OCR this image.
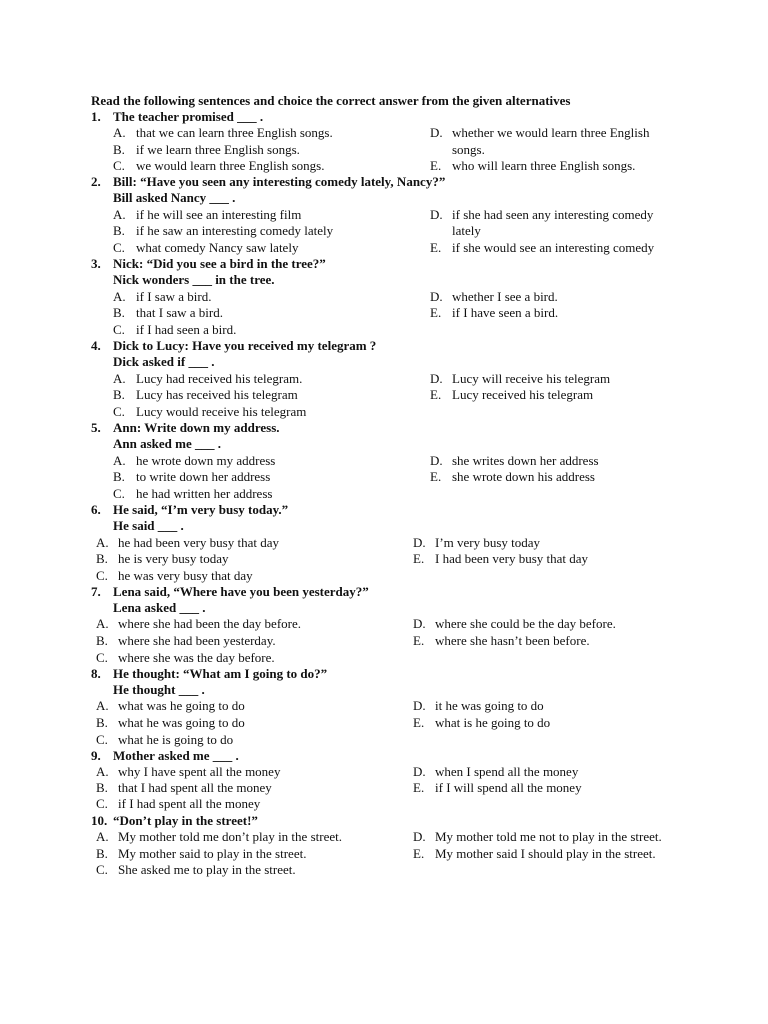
Read the following sentences and choice the correct answer from the given alternatives
1. The teacher promised ___ .
A. that we can learn three English songs.
B. if we learn three English songs.
C. we would learn three English songs.
D. whether we would learn three English
songs.
E. who will learn three English songs.
2. Bill: “Have you seen any interesting comedy lately, Nancy?”
Bill asked Nancy ___ .
A. if he will see an interesting film
B. if he saw an interesting comedy lately
C. what comedy Nancy saw lately
D. if she had seen any interesting comedy
lately
E. if she would see an interesting comedy
3. Nick: “Did you see a bird in the tree?”
Nick wonders ___ in the tree.
A. if I saw a bird.
B. that I saw a bird.
C. if I had seen a bird.
D. whether I see a bird.
E. if I have seen a bird.
4. Dick to Lucy: Have you received my telegram ?
Dick asked if ___ .
A. Lucy had received his telegram.
B. Lucy has received his telegram
C. Lucy would receive his telegram
D. Lucy will receive his telegram
E. Lucy received his telegram
5. Ann: Write down my address.
Ann asked me ___ .
A. he wrote down my address
B. to write down her address
C. he had written her address
D. she writes down her address
E. she wrote down his address
6. He said, “I’m very busy today.”
He said ___ .
A. he had been very busy that day
B. he is very busy today
C. he was very busy that day
D. I’m very busy today
E. I had been very busy that day
7. Lena said, “Where have you been yesterday?”
Lena asked ___ .
A. where she had been the day before.
B. where she had been yesterday.
C. where she was the day before.
D. where she could be the day before.
E. where she hasn’t been before.
8. He thought: “What am I going to do?”
He thought ___ .
A. what was he going to do
B. what he was going to do
C. what he is going to do
D. it he was going to do
E. what is he going to do
9. Mother asked me ___ .
A. why I have spent all the money
B. that I had spent all the money
C. if I had spent all the money
D. when I spend all the money
E. if I will spend all the money
10. “Don’t play in the street!”
A. My mother told me don’t play in the street.
B. My mother said to play in the street.
C. She asked me to play in the street.
D. My mother told me not to play in the street.
E. My mother said I should play in the street.
